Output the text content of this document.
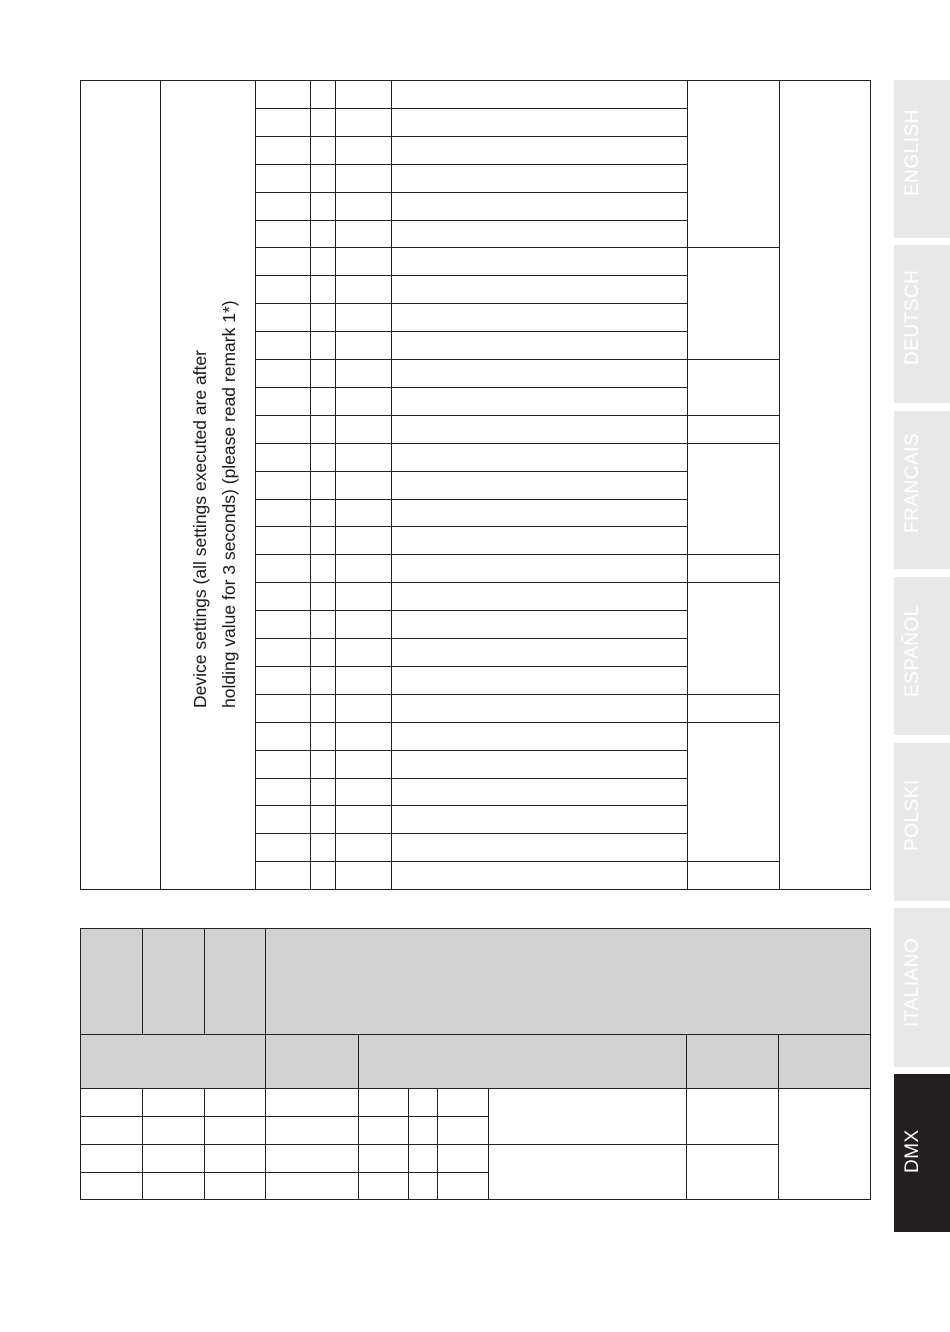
Device settings (all settings executed are after holding value for 3 seconds) (please read remark 1*)
ENGLISH
DEUTSCH
FRANCAIS
ESPAÑOL
POLSKI
ITALIANO
DMX
